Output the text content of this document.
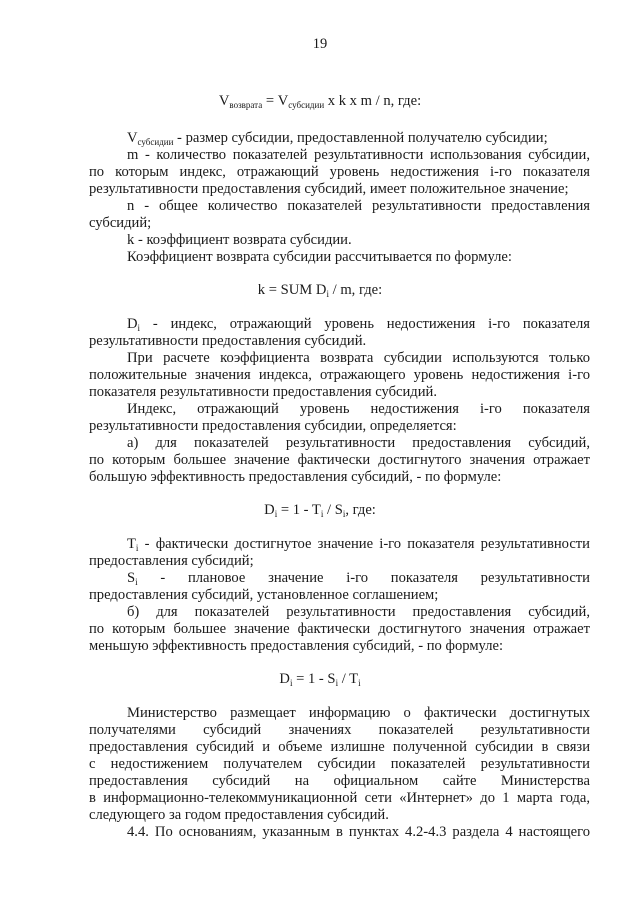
19
$V_{возврата} = V_{субсидии}$ x k x m / n, где:
$V_{субсидии}$ - размер субсидии, предоставленной получателю субсидии;
m - количество показателей результативности использования субсидии,
по которым индекс, отражающий уровень недостижения i-го показателя
результативности предоставления субсидий, имеет положительное значение;
n - общее количество показателей результативности предоставления
субсидий;
k - коэффициент возврата субсидии.
Коэффициент возврата субсидии рассчитывается по формуле:
k = SUM $D_i$ / m, где:
$D_i$ - индекс, отражающий уровень недостижения i-го показателя
результативности предоставления субсидий.
При расчете коэффициента возврата субсидии используются только
положительные значения индекса, отражающего уровень недостижения i-го
показателя результативности предоставления субсидий.
Индекс, отражающий уровень недостижения i-го показателя
результативности предоставления субсидии, определяется:
а) для показателей результативности предоставления субсидий,
по которым большее значение фактически достигнутого значения отражает
большую эффективность предоставления субсидий, - по формуле:
$D_i = 1 - T_i / S_i$, где:
$T_i$ - фактически достигнутое значение i-го показателя результативности
предоставления субсидий;
$S_i$ - плановое значение i-го показателя результативности
предоставления субсидий, установленное соглашением;
б) для показателей результативности предоставления субсидий,
по которым большее значение фактически достигнутого значения отражает
меньшую эффективность предоставления субсидий, - по формуле:
$D_i = 1 - S_i / T_i$
Министерство размещает информацию о фактически достигнутых
получателями субсидий значениях показателей результативности
предоставления субсидий и объеме излишне полученной субсидии в связи
с недостижением получателем субсидии показателей результативности
предоставления субсидий на официальном сайте Министерства
в информационно-телекоммуникационной сети «Интернет» до 1 марта года,
следующего за годом предоставления субсидий.
4.4. По основаниям, указанным в пунктах 4.2-4.3 раздела 4 настоящего
